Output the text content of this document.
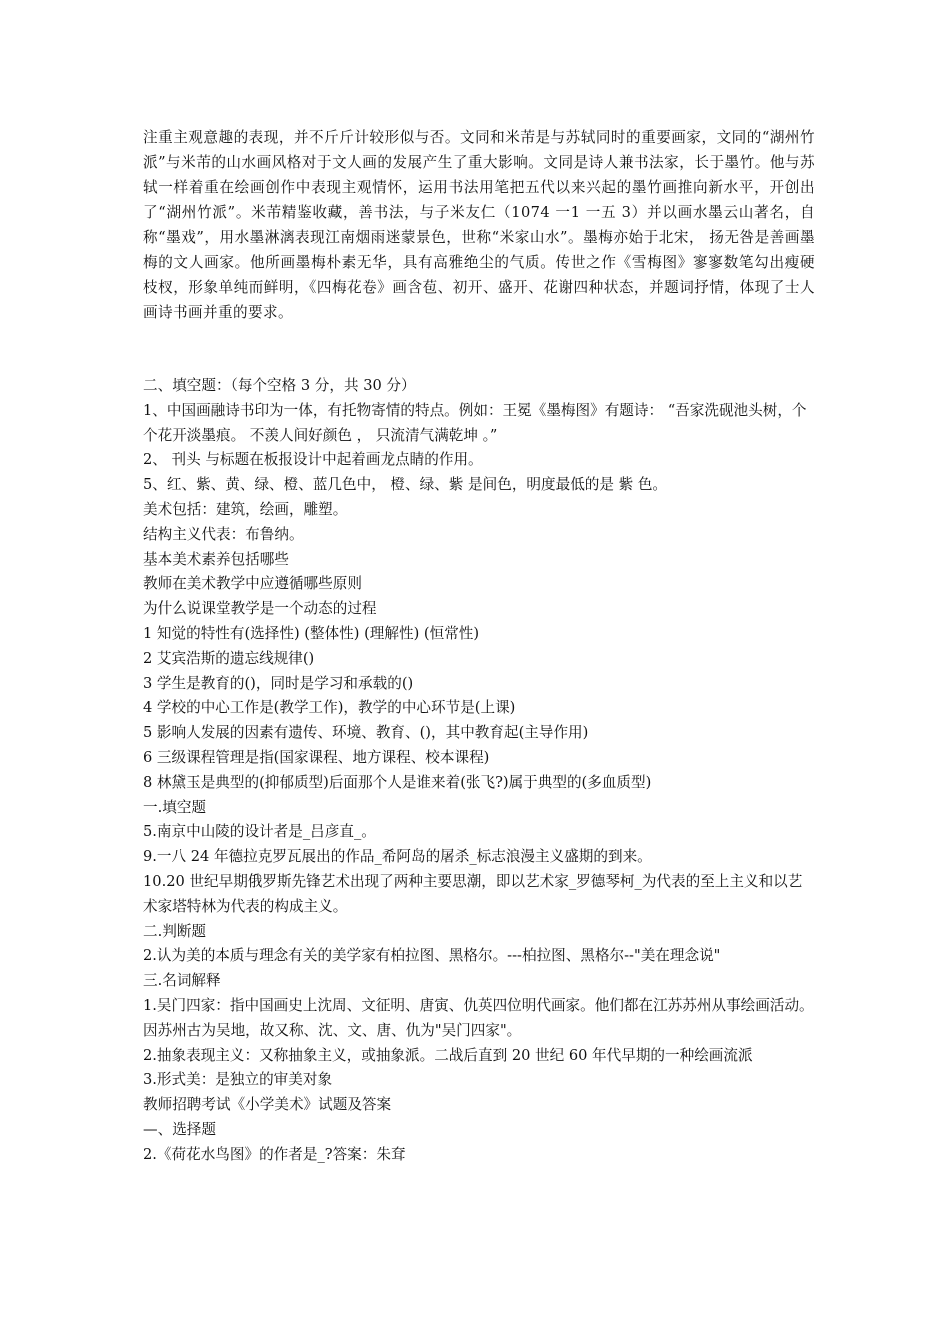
注重主观意趣的表现，并不斤斤计较形似与否。文同和米芾是与苏轼同时的重要画家，文同的“湖州竹派”与米芾的山水画风格对于文人画的发展产生了重大影响。文同是诗人兼书法家，长于墨竹。他与苏轼一样着重在绘画创作中表现主观情怀，运用书法用笔把五代以来兴起的墨竹画推向新水平，开创出了“湖州竹派”。米芾精鉴收藏，善书法，与子米友仁（1074 一1 一五 3）并以画水墨云山著名，自称“墨戏”，用水墨淋漓表现江南烟雨迷蒙景色，世称“米家山水”。墨梅亦始于北宋， 扬无咎是善画墨梅的文人画家。他所画墨梅朴素无华，具有高雅绝尘的气质。传世之作《雪梅图》寥寥数笔勾出瘦硬枝杈，形象单纯而鲜明，《四梅花卷》画含苞、初开、盛开、花谢四种状态，并题词抒情，体现了士人画诗书画并重的要求。
二、填空题：（每个空格 3 分，共 30 分）
1、中国画融诗书印为一体，有托物寄情的特点。例如：王冕《墨梅图》有题诗： “吾家洗砚池头树，个个花开淡墨痕。 不羡人间好颜色 ， 只流清气满乾坤 。”
2、 刊头 与标题在板报设计中起着画龙点睛的作用。
5、红、紫、黄、绿、橙、蓝几色中， 橙、绿、紫 是间色，明度最低的是 紫 色。
美术包括：建筑，绘画，雕塑。
结构主义代表：布鲁纳。
基本美术素养包括哪些
教师在美术教学中应遵循哪些原则
为什么说课堂教学是一个动态的过程
1 知觉的特性有(选择性) (整体性) (理解性) (恒常性)
2 艾宾浩斯的遗忘线规律()
3 学生是教育的()，同时是学习和承载的()
4 学校的中心工作是(教学工作)，教学的中心环节是(上课)
5 影响人发展的因素有遗传、环境、教育、()，其中教育起(主导作用)
6 三级课程管理是指(国家课程、地方课程、校本课程)
8 林黛玉是典型的(抑郁质型)后面那个人是谁来着(张飞?)属于典型的(多血质型)
一.填空题
5.南京中山陵的设计者是_吕彦直_。
9.一八 24 年德拉克罗瓦展出的作品_希阿岛的屠杀_标志浪漫主义盛期的到来。
10.20 世纪早期俄罗斯先锋艺术出现了两种主要思潮，即以艺术家_罗德琴柯_为代表的至上主义和以艺术家塔特林为代表的构成主义。
二.判断题
2.认为美的本质与理念有关的美学家有柏拉图、黑格尔。---柏拉图、黑格尔--"美在理念说"
三.名词解释
1.吴门四家：指中国画史上沈周、文征明、唐寅、仇英四位明代画家。他们都在江苏苏州从事绘画活动。因苏州古为吴地，故又称、沈、文、唐、仇为"吴门四家"。
2.抽象表现主义：又称抽象主义，或抽象派。二战后直到 20 世纪 60 年代早期的一种绘画流派
3.形式美：是独立的审美对象
教师招聘考试《小学美术》试题及答案
—、选择题
2.《荷花水鸟图》的作者是_?答案：朱耷
